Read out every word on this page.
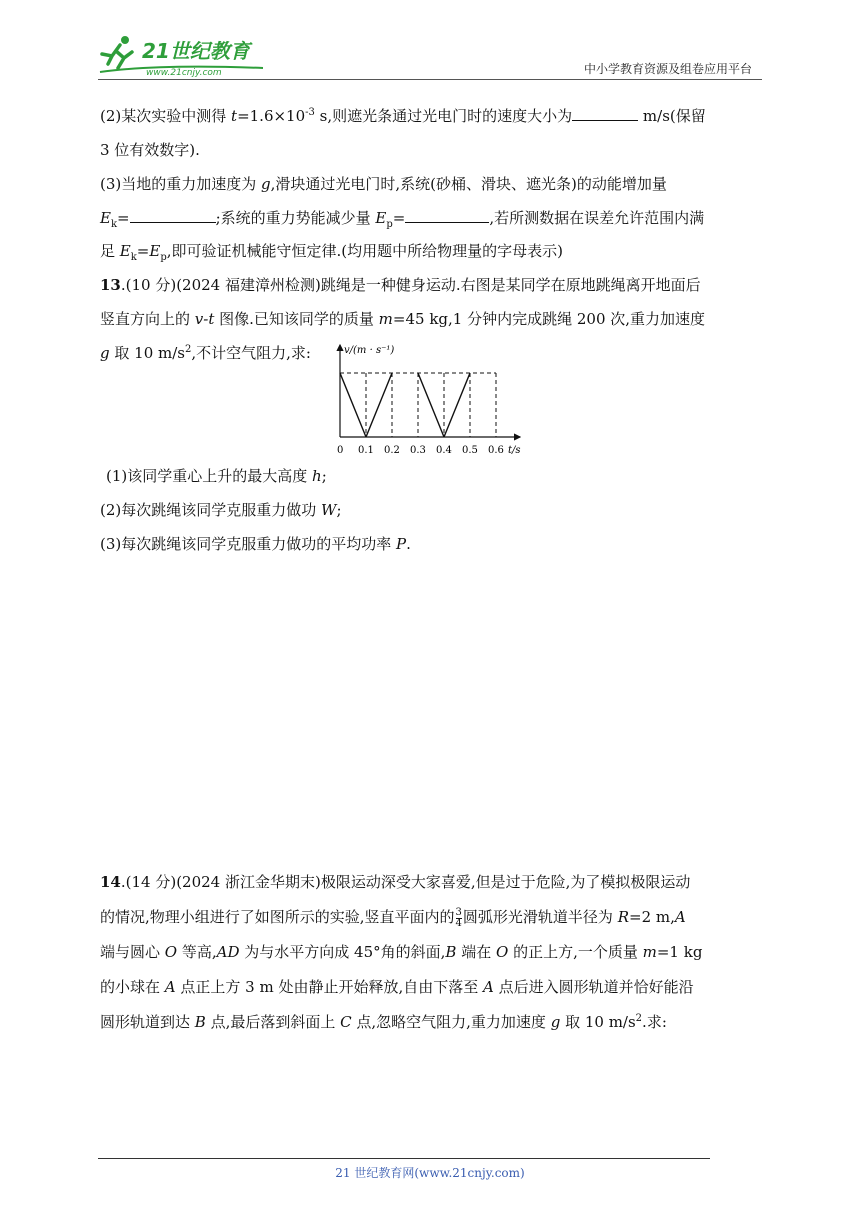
21世纪教育
www.21cnjy.com	中小学教育资源及组卷应用平台
(2)某次实验中测得 $t=1.6\times 10^{-3}$ s,则遮光条通过光电门时的速度大小为	m/s(保留
3 位有效数字).
(3)当地的重力加速度为 g,滑块通过光电门时,系统(砂桶、滑块、遮光条)的动能增加量
$E_k=$	;系统的重力势能减少量 $E_p=$	,若所测数据在误差允许范围内满
足 $E_k=E_p$,即可验证机械能守恒定律.(均用题中所给物理量的字母表示)
13.(10 分)(2024 福建漳州检测)跳绳是一种健身运动.右图是某同学在原地跳绳离开地面后
竖直方向上的 v-t 图像.已知该同学的质量 m=45 kg,1 分钟内完成跳绳 200 次,重力加速度
g 取 10 $m/s^2$,不计空气阻力,求:	v/(m · s⁻¹)
t/s
0 0.1 0.2 0.3 0.4 0.5 0.6
(1)该同学重心上升的最大高度 h;
(2)每次跳绳该同学克服重力做功 W;
(3)每次跳绳该同学克服重力做功的平均功率 P.
14.(14 分)(2024 浙江金华期末)极限运动深受大家喜爱,但是过于危险,为了模拟极限运动
的情况,物理小组进行了如图所示的实验,竖直平面内的 $\frac{3}{4}$ 圆弧形光滑轨道半径为 R=2 m,A
端与圆心 O 等高,AD 为与水平方向成 45°角的斜面,B 端在 O 的正上方,一个质量 m=1 kg
的小球在 A 点正上方 3 m 处由静止开始释放,自由下落至 A 点后进入圆形轨道并恰好能沿
圆形轨道到达 B 点,最后落到斜面上 C 点,忽略空气阻力,重力加速度 g 取 10 $m/s^2$.求:
21 世纪教育网(www.21cnjy.com)
